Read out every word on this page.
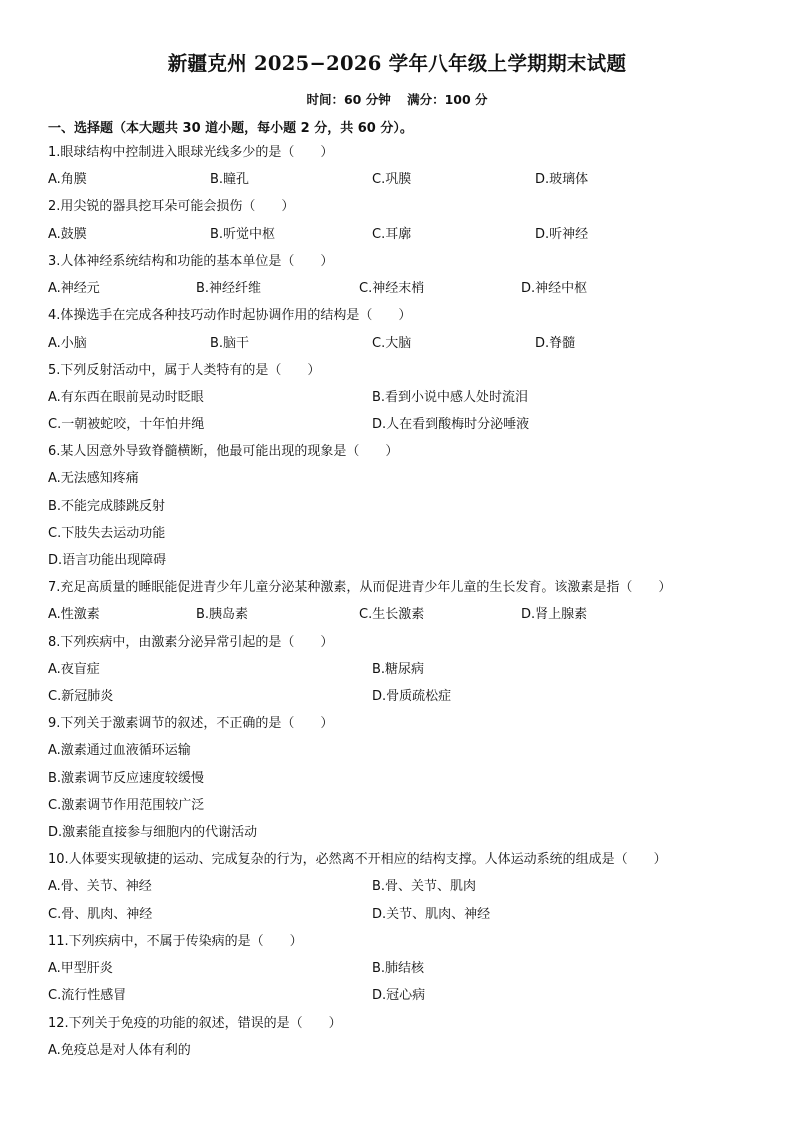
新疆克州 2025−2026 学年八年级上学期期末试题
时间：60 分钟 满分：100 分
一、选择题（本大题共 30 道小题，每小题 2 分，共 60 分）。
1.眼球结构中控制进入眼球光线多少的是（　　）
A.角膜	B.瞳孔	C.巩膜	D.玻璃体
2.用尖锐的器具挖耳朵可能会损伤（　　）
A.鼓膜	B.听觉中枢	C.耳廓	D.听神经
3.人体神经系统结构和功能的基本单位是（　　）
A.神经元	B.神经纤维	C.神经末梢	D.神经中枢
4.体操选手在完成各种技巧动作时起协调作用的结构是（　　）
A.小脑	B.脑干	C.大脑	D.脊髓
5.下列反射活动中，属于人类特有的是（　　）
A.有东西在眼前晃动时眨眼	B.看到小说中感人处时流泪
C.一朝被蛇咬，十年怕井绳	D.人在看到酸梅时分泌唾液
6.某人因意外导致脊髓横断，他最可能出现的现象是（　　）
A.无法感知疼痛
B.不能完成膝跳反射
C.下肢失去运动功能
D.语言功能出现障碍
7.充足高质量的睡眠能促进青少年儿童分泌某种激素，从而促进青少年儿童的生长发育。该激素是指（　　）
A.性激素	B.胰岛素	C.生长激素	D.肾上腺素
8.下列疾病中，由激素分泌异常引起的是（　　）
A.夜盲症	B.糖尿病
C.新冠肺炎	D.骨质疏松症
9.下列关于激素调节的叙述，不正确的是（　　）
A.激素通过血液循环运输
B.激素调节反应速度较缓慢
C.激素调节作用范围较广泛
D.激素能直接参与细胞内的代谢活动
10.人体要实现敏捷的运动、完成复杂的行为，必然离不开相应的结构支撑。人体运动系统的组成是（　　）
A.骨、关节、神经	B.骨、关节、肌肉
C.骨、肌肉、神经	D.关节、肌肉、神经
11.下列疾病中，不属于传染病的是（　　）
A.甲型肝炎	B.肺结核
C.流行性感冒	D.冠心病
12.下列关于免疫的功能的叙述，错误的是（　　）
A.免疫总是对人体有利的
